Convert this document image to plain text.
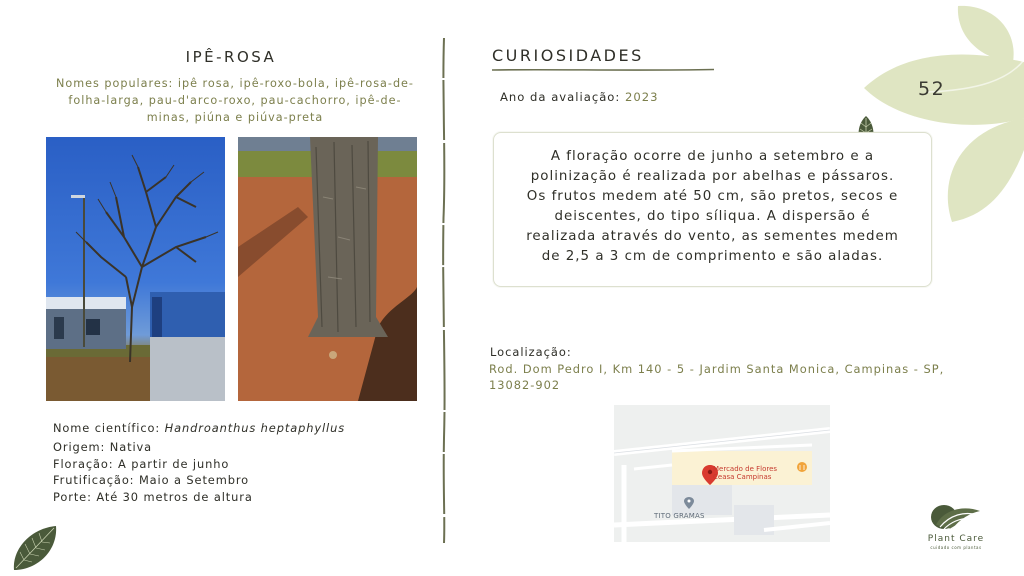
IPÊ-ROSA
Nomes populares: ipê rosa, ipê-roxo-bola, ipê-rosa-de-
folha-larga, pau-d'arco-roxo, pau-cachorro, ipê-de-
minas, piúna e piúva-preta
Nome científico: Handroanthus heptaphyllus
Origem: Nativa
Floração: A partir de junho
Frutificação: Maio a Setembro
Porte: Até 30 metros de altura
CURIOSIDADES
Ano da avaliação: 2023
A floração ocorre de junho a setembro e a
polinização é realizada por abelhas e pássaros.
Os frutos medem até 50 cm, são pretos, secos e
deiscentes, do tipo síliqua. A dispersão é
realizada através do vento, as sementes medem
de 2,5 a 3 cm de comprimento e são aladas.
Localização:
Rod. Dom Pedro I, Km 140 - 5 - Jardim Santa Monica, Campinas - SP,
13082-902
Mercado de Flores
Ceasa Campinas
TITO GRAMAS
52
Plant Care
cuidado com plantas
